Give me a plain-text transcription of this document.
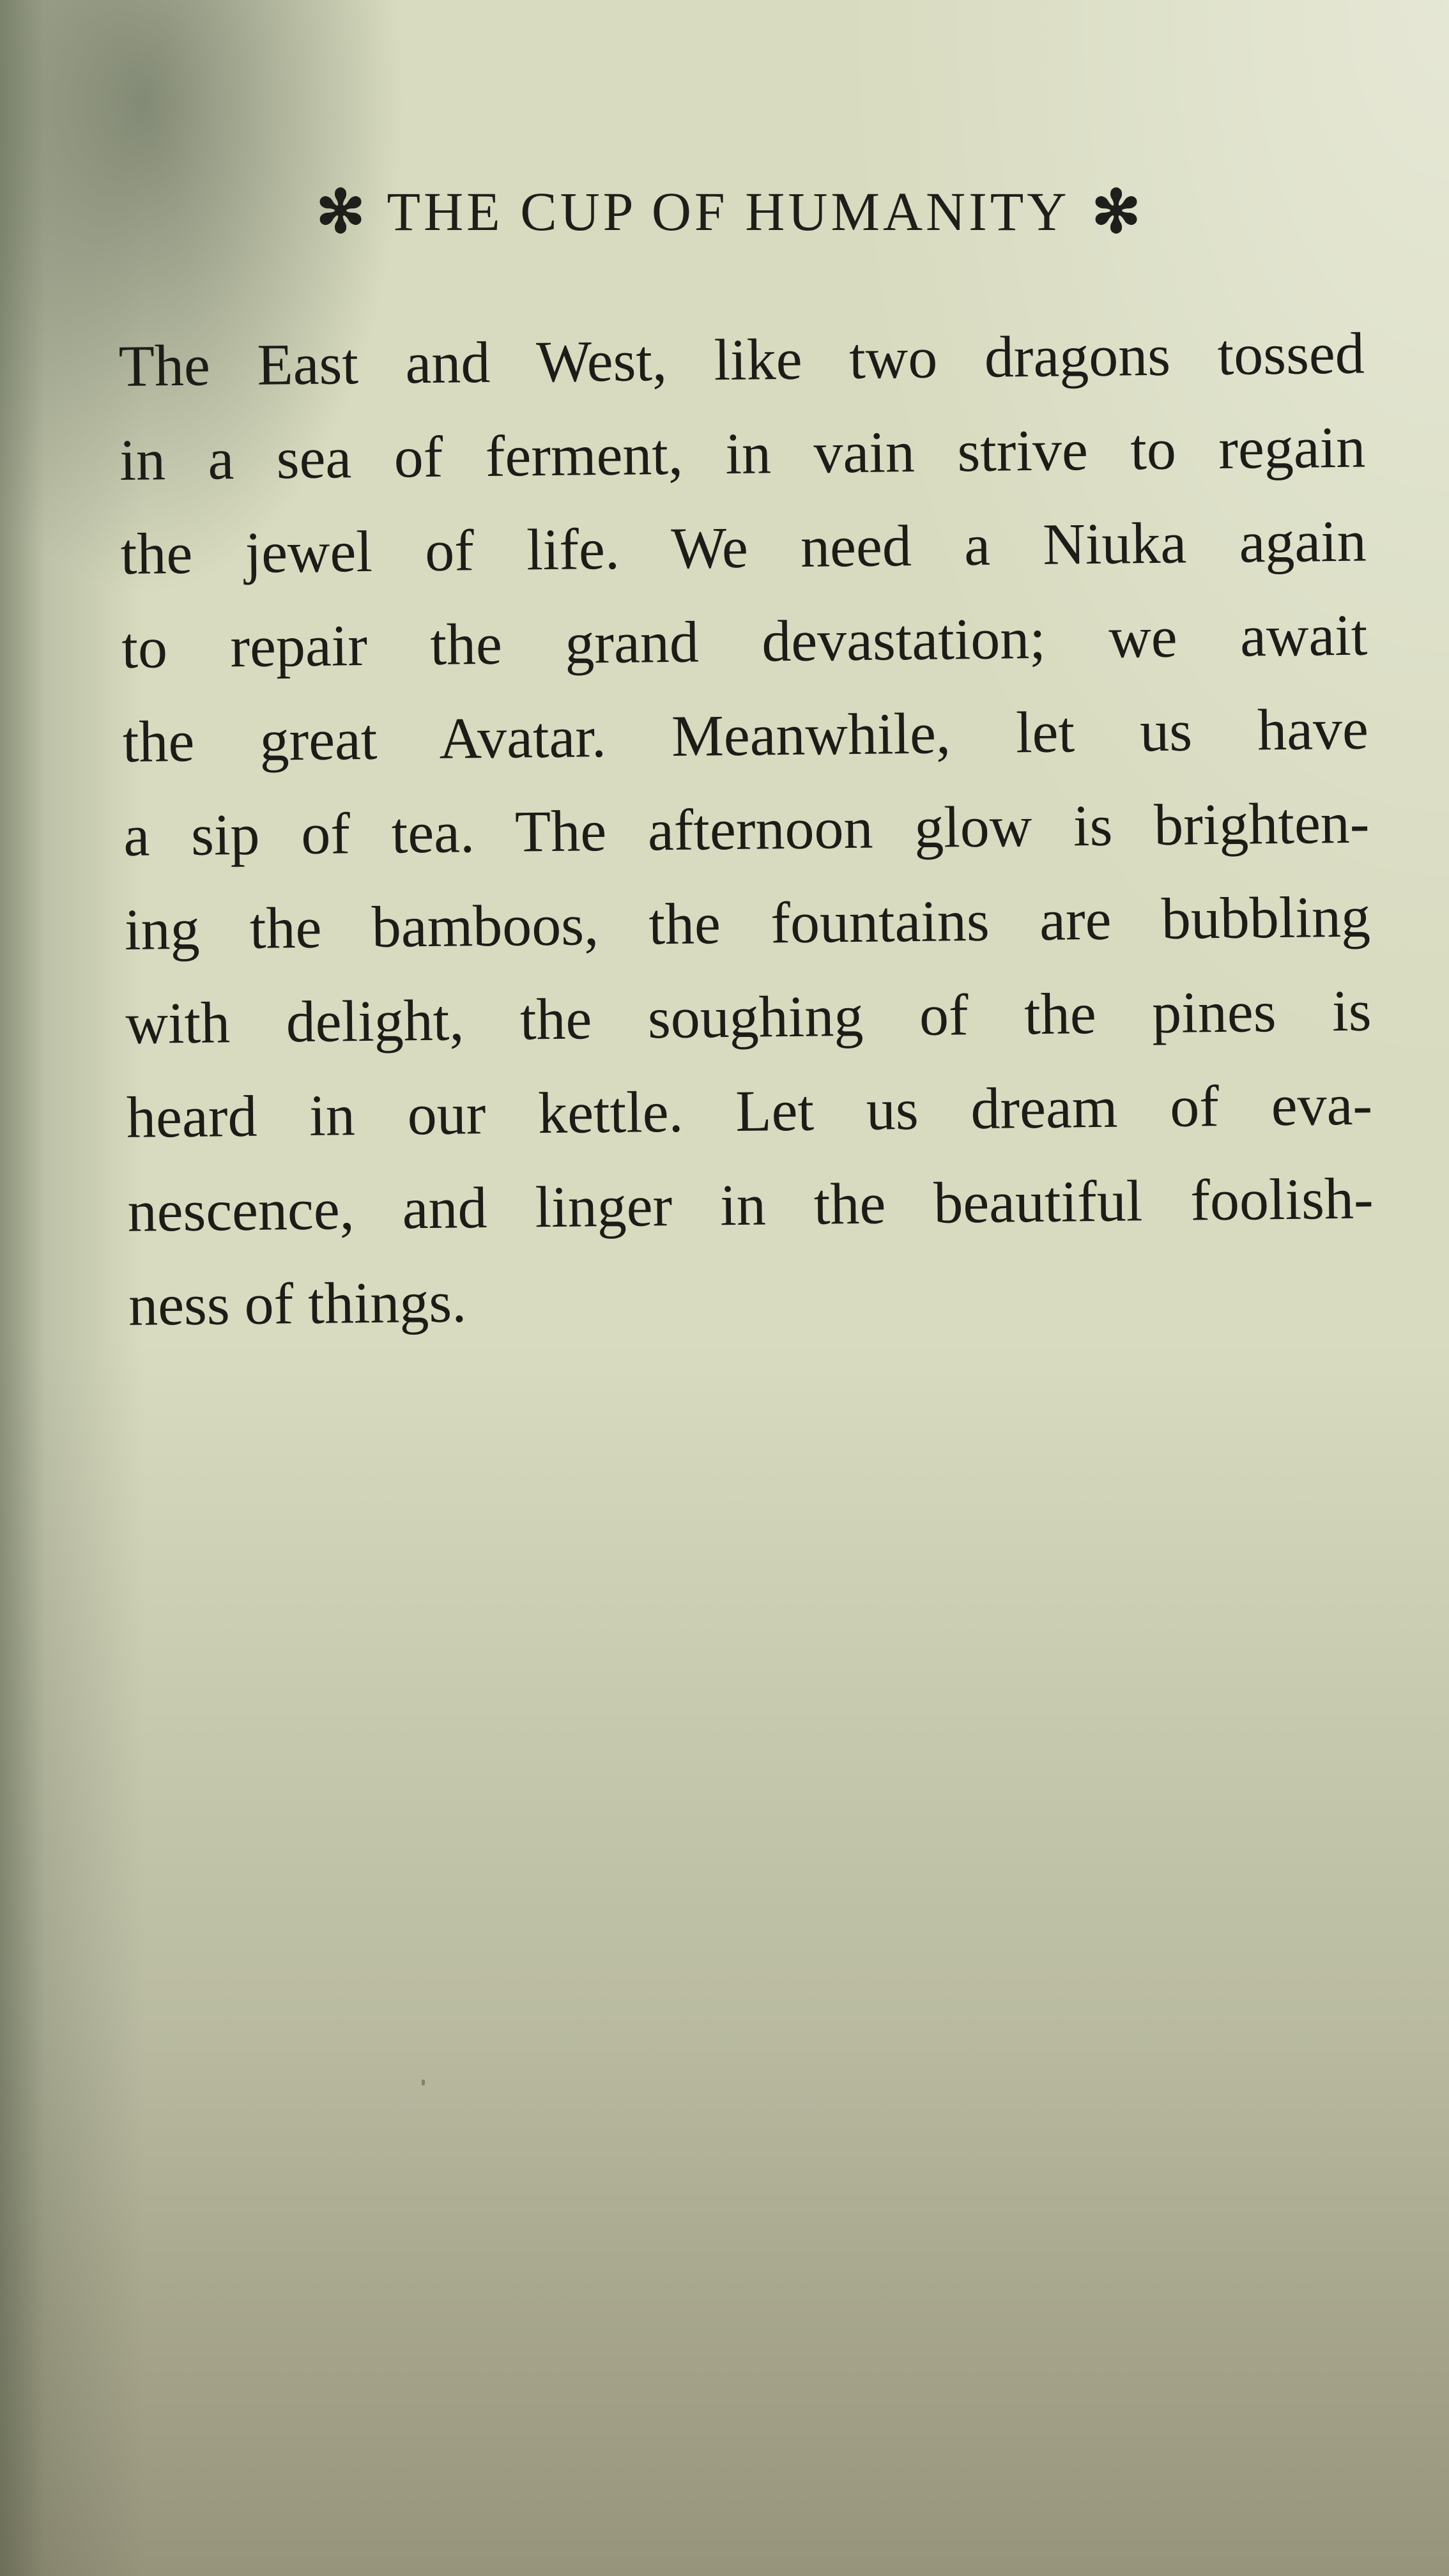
✻ THE CUP OF HUMANITY ✻
The East and West, like two dragons tossed
in a sea of ferment, in vain strive to regain
the jewel of life. We need a Niuka again
to repair the grand devastation; we await
the great Avatar. Meanwhile, let us have
a sip of tea. The afternoon glow is brighten-
ing the bamboos, the fountains are bubbling
with delight, the soughing of the pines is
heard in our kettle. Let us dream of eva-
nescence, and linger in the beautiful foolish-
ness of things.
